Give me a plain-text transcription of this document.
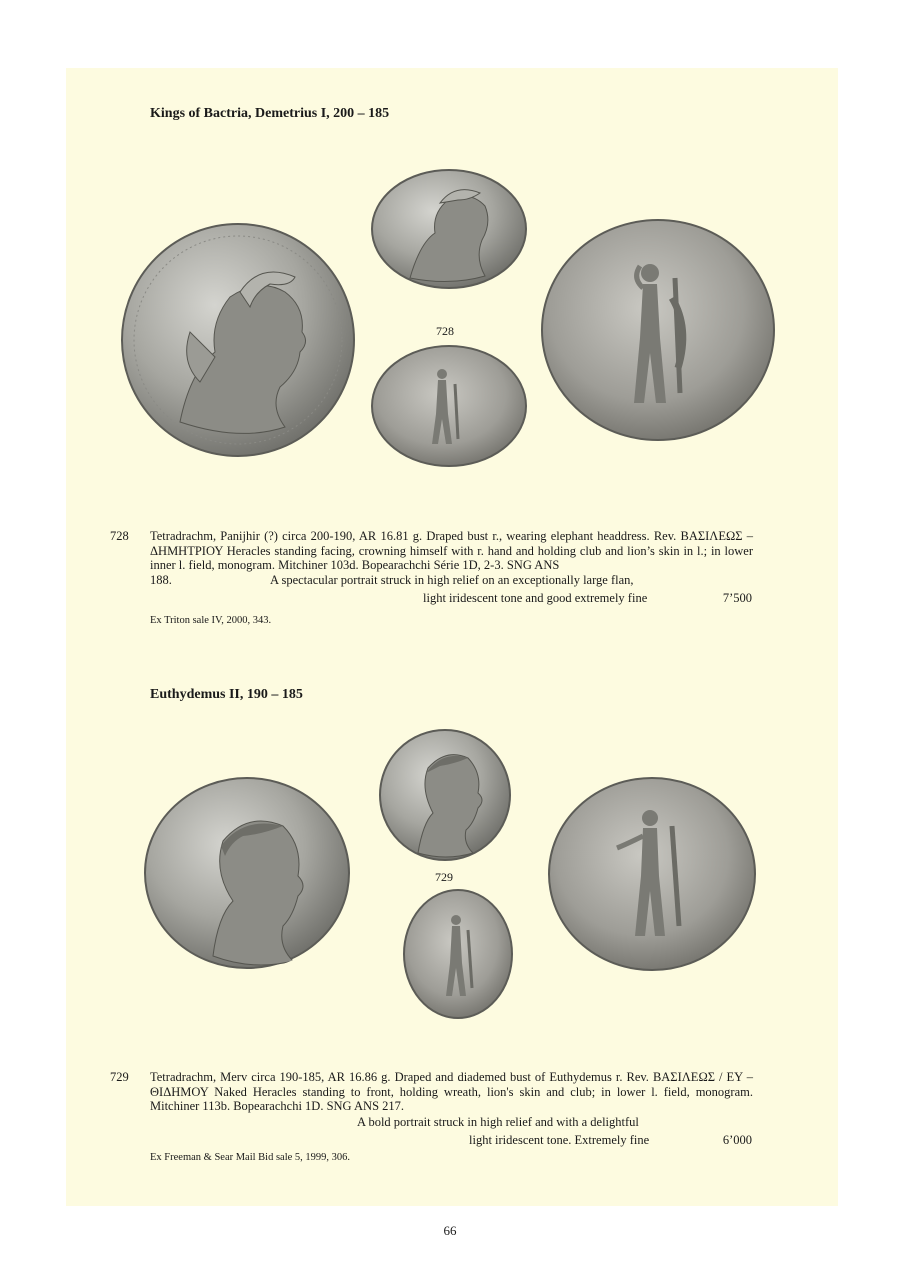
Kings of Bactria, Demetrius I, 200 – 185
728
728 Tetradrachm, Panijhir (?) circa 200-190, AR 16.81 g. Draped bust r., wearing elephant headdress. Rev. ΒΑΣΙΛΕΩΣ – ΔΗΜΗΤΡΙΟΥ Heracles standing facing, crowning himself with r. hand and holding club and lion’s skin in l.; in lower inner l. field, monogram. Mitchiner 103d. Bopearachchi Série 1D, 2-3. SNG ANS
188.	A spectacular portrait struck in high relief on an exceptionally large flan,
light iridescent tone and good extremely fine	7’500
Ex Triton sale IV, 2000, 343.
Euthydemus II, 190 – 185
729
729 Tetradrachm, Merv circa 190-185, AR 16.86 g. Draped and diademed bust of Euthydemus r. Rev. ΒΑΣΙΛΕΩΣ / ΕΥ – ΘΙΔΗΜΟΥ Naked Heracles standing to front, holding wreath, lion's skin and club; in lower l. field, monogram. Mitchiner 113b. Bopearachchi 1D. SNG ANS 217.
A bold portrait struck in high relief and with a delightful
light iridescent tone. Extremely fine	6’000
Ex Freeman & Sear Mail Bid sale 5, 1999, 306.
66
